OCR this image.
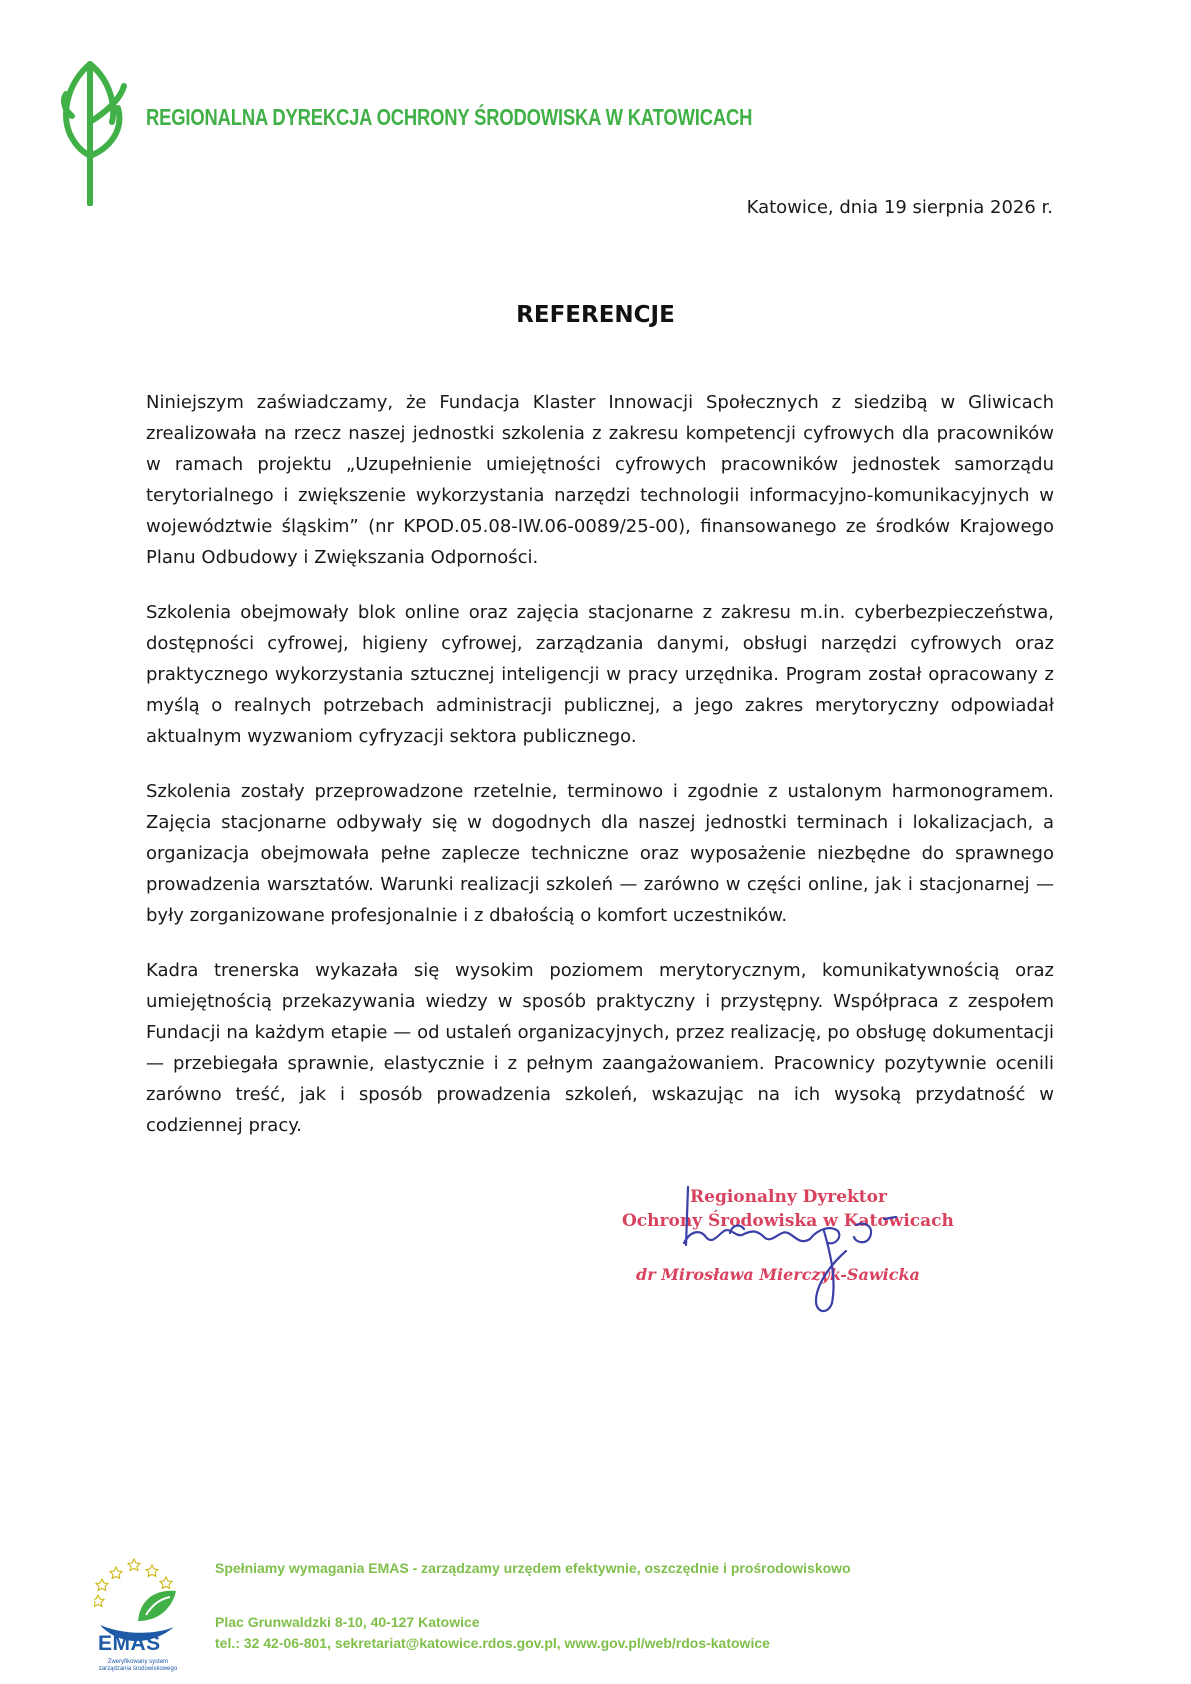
REGIONALNA DYREKCJA OCHRONY ŚRODOWISKA W KATOWICACH
Katowice, dnia 19 sierpnia 2026 r.
REFERENCJE

Niniejszym zaświadczamy, że Fundacja Klaster Innowacji Społecznych z siedzibą w Gliwicach zrealizowała na rzecz naszej jednostki szkolenia z zakresu kompetencji cyfrowych dla pracowników w ramach projektu „Uzupełnienie umiejętności cyfrowych pracowników jednostek samorządu terytorialnego i zwiększenie wykorzystania narzędzi technologii informacyjno-komunikacyjnych w województwie śląskim” (nr KPOD.05.08-IW.06-0089/25-00), finansowanego ze środków Krajowego Planu Odbudowy i Zwiększania Odporności.

Szkolenia obejmowały blok online oraz zajęcia stacjonarne z zakresu m.in. cyberbezpieczeństwa, dostępności cyfrowej, higieny cyfrowej, zarządzania danymi, obsługi narzędzi cyfrowych oraz praktycznego wykorzystania sztucznej inteligencji w pracy urzędnika. Program został opracowany z myślą o realnych potrzebach administracji publicznej, a jego zakres merytoryczny odpowiadał aktualnym wyzwaniom cyfryzacji sektora publicznego.

Szkolenia zostały przeprowadzone rzetelnie, terminowo i zgodnie z ustalonym harmonogramem. Zajęcia stacjonarne odbywały się w dogodnych dla naszej jednostki terminach i lokalizacjach, a organizacja obejmowała pełne zaplecze techniczne oraz wyposażenie niezbędne do sprawnego prowadzenia warsztatów. Warunki realizacji szkoleń — zarówno w części online, jak i stacjonarnej — były zorganizowane profesjonalnie i z dbałością o komfort uczestników.

Kadra trenerska wykazała się wysokim poziomem merytorycznym, komunikatywnością oraz umiejętnością przekazywania wiedzy w sposób praktyczny i przystępny. Współpraca z zespołem Fundacji na każdym etapie — od ustaleń organizacyjnych, przez realizację, po obsługę dokumentacji — przebiegała sprawnie, elastycznie i z pełnym zaangażowaniem. Pracownicy pozytywnie ocenili zarówno treść, jak i sposób prowadzenia szkoleń, wskazując na ich wysoką przydatność w codziennej pracy.

Regionalny Dyrektor
Ochrony Środowiska w Katowicach
dr Mirosława Mierczyk-Sawicka
EMAS
Zweryfikowany system zarządzania środowiskowego
Spełniamy wymagania EMAS - zarządzamy urzędem efektywnie, oszczędnie i prośrodowiskowo
Plac Grunwaldzki 8-10, 40-127 Katowice
tel.: 32 42-06-801, sekretariat@katowice.rdos.gov.pl, www.gov.pl/web/rdos-katowice
